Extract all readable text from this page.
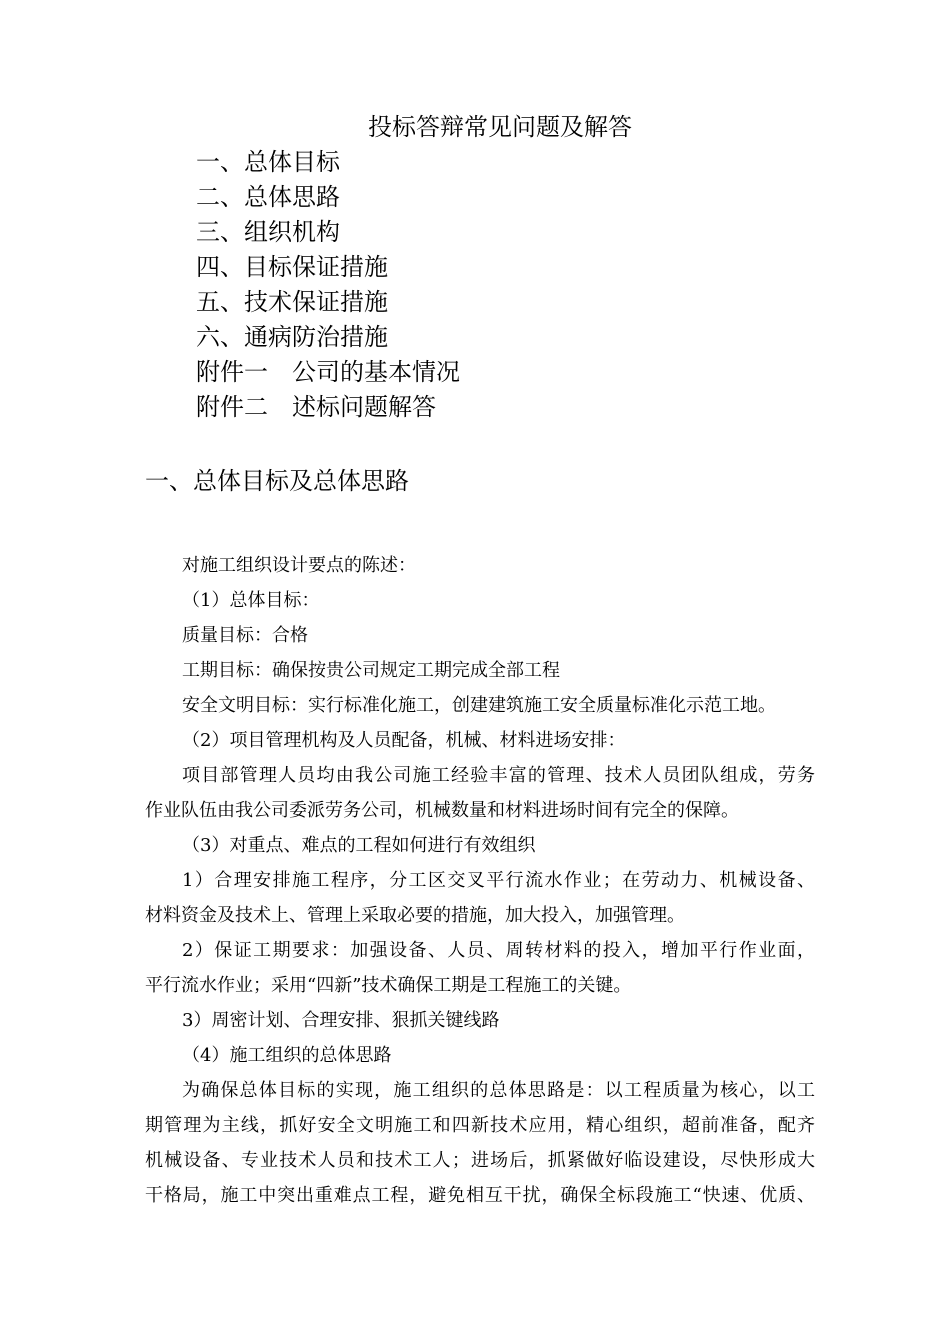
投标答辩常见问题及解答
一、总体目标
二、总体思路
三、组织机构
四、目标保证措施
五、技术保证措施
六、通病防治措施
附件一　公司的基本情况
附件二　述标问题解答
一、总体目标及总体思路
对施工组织设计要点的陈述：
（1）总体目标：
质量目标：合格
工期目标：确保按贵公司规定工期完成全部工程
安全文明目标：实行标准化施工，创建建筑施工安全质量标准化示范工地。
（2）项目管理机构及人员配备，机械、材料进场安排：
项目部管理人员均由我公司施工经验丰富的管理、技术人员团队组成，劳务
作业队伍由我公司委派劳务公司，机械数量和材料进场时间有完全的保障。
（3）对重点、难点的工程如何进行有效组织
1）合理安排施工程序，分工区交叉平行流水作业；在劳动力、机械设备、
材料资金及技术上、管理上采取必要的措施，加大投入，加强管理。
2）保证工期要求：加强设备、人员、周转材料的投入，增加平行作业面，
平行流水作业；采用“四新”技术确保工期是工程施工的关键。
3）周密计划、合理安排、狠抓关键线路
（4）施工组织的总体思路
为确保总体目标的实现，施工组织的总体思路是：以工程质量为核心，以工
期管理为主线，抓好安全文明施工和四新技术应用，精心组织，超前准备，配齐
机械设备、专业技术人员和技术工人；进场后，抓紧做好临设建设，尽快形成大
干格局，施工中突出重难点工程，避免相互干扰，确保全标段施工“快速、优质、
